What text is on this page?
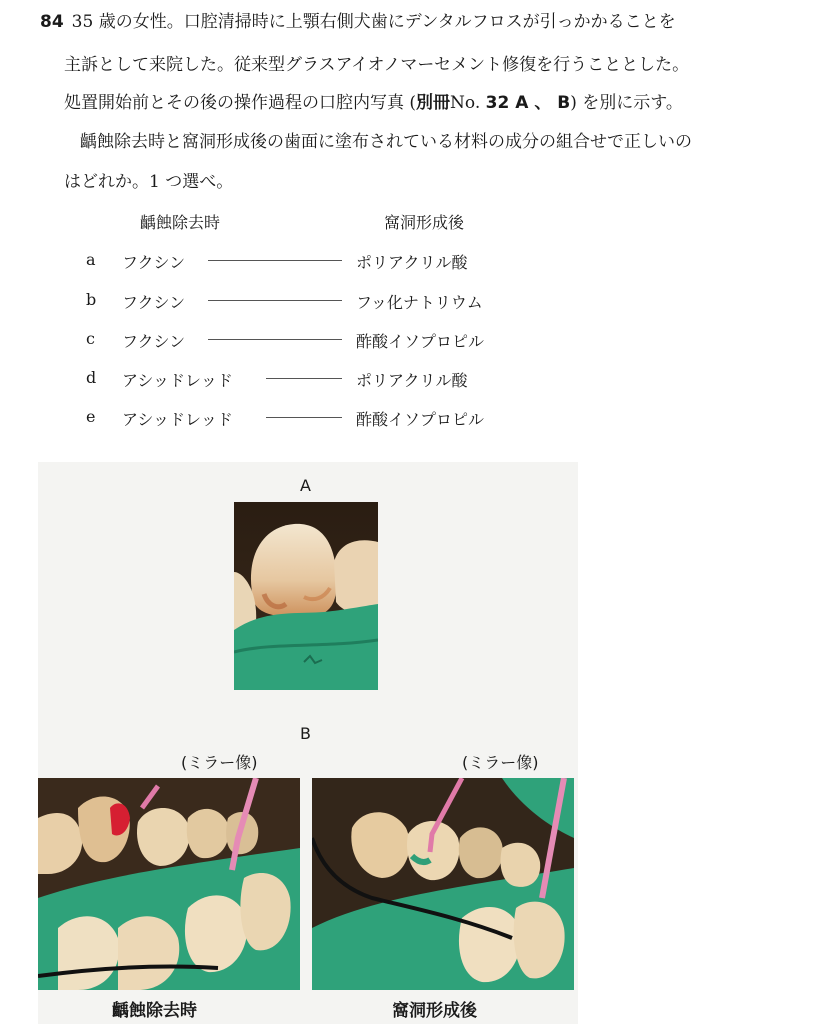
84 35 歳の女性。口腔清掃時に上顎右側犬歯にデンタルフロスが引っかかることを
主訴として来院した。従来型グラスアイオノマーセメント修復を行うこととした。
処置開始前とその後の操作過程の口腔内写真 (別冊No. 32 A 、 B) を別に示す。
齲蝕除去時と窩洞形成後の歯面に塗布されている材料の成分の組合せで正しいの
はどれか。1 つ選べ。
齲蝕除去時	窩洞形成後
a	フクシン	ポリアクリル酸
b	フクシン	フッ化ナトリウム
c	フクシン	酢酸イソプロピル
d	アシッドレッド	ポリアクリル酸
e	アシッドレッド	酢酸イソプロピル
A
B
(ミラー像)	(ミラー像)
齲蝕除去時	窩洞形成後
